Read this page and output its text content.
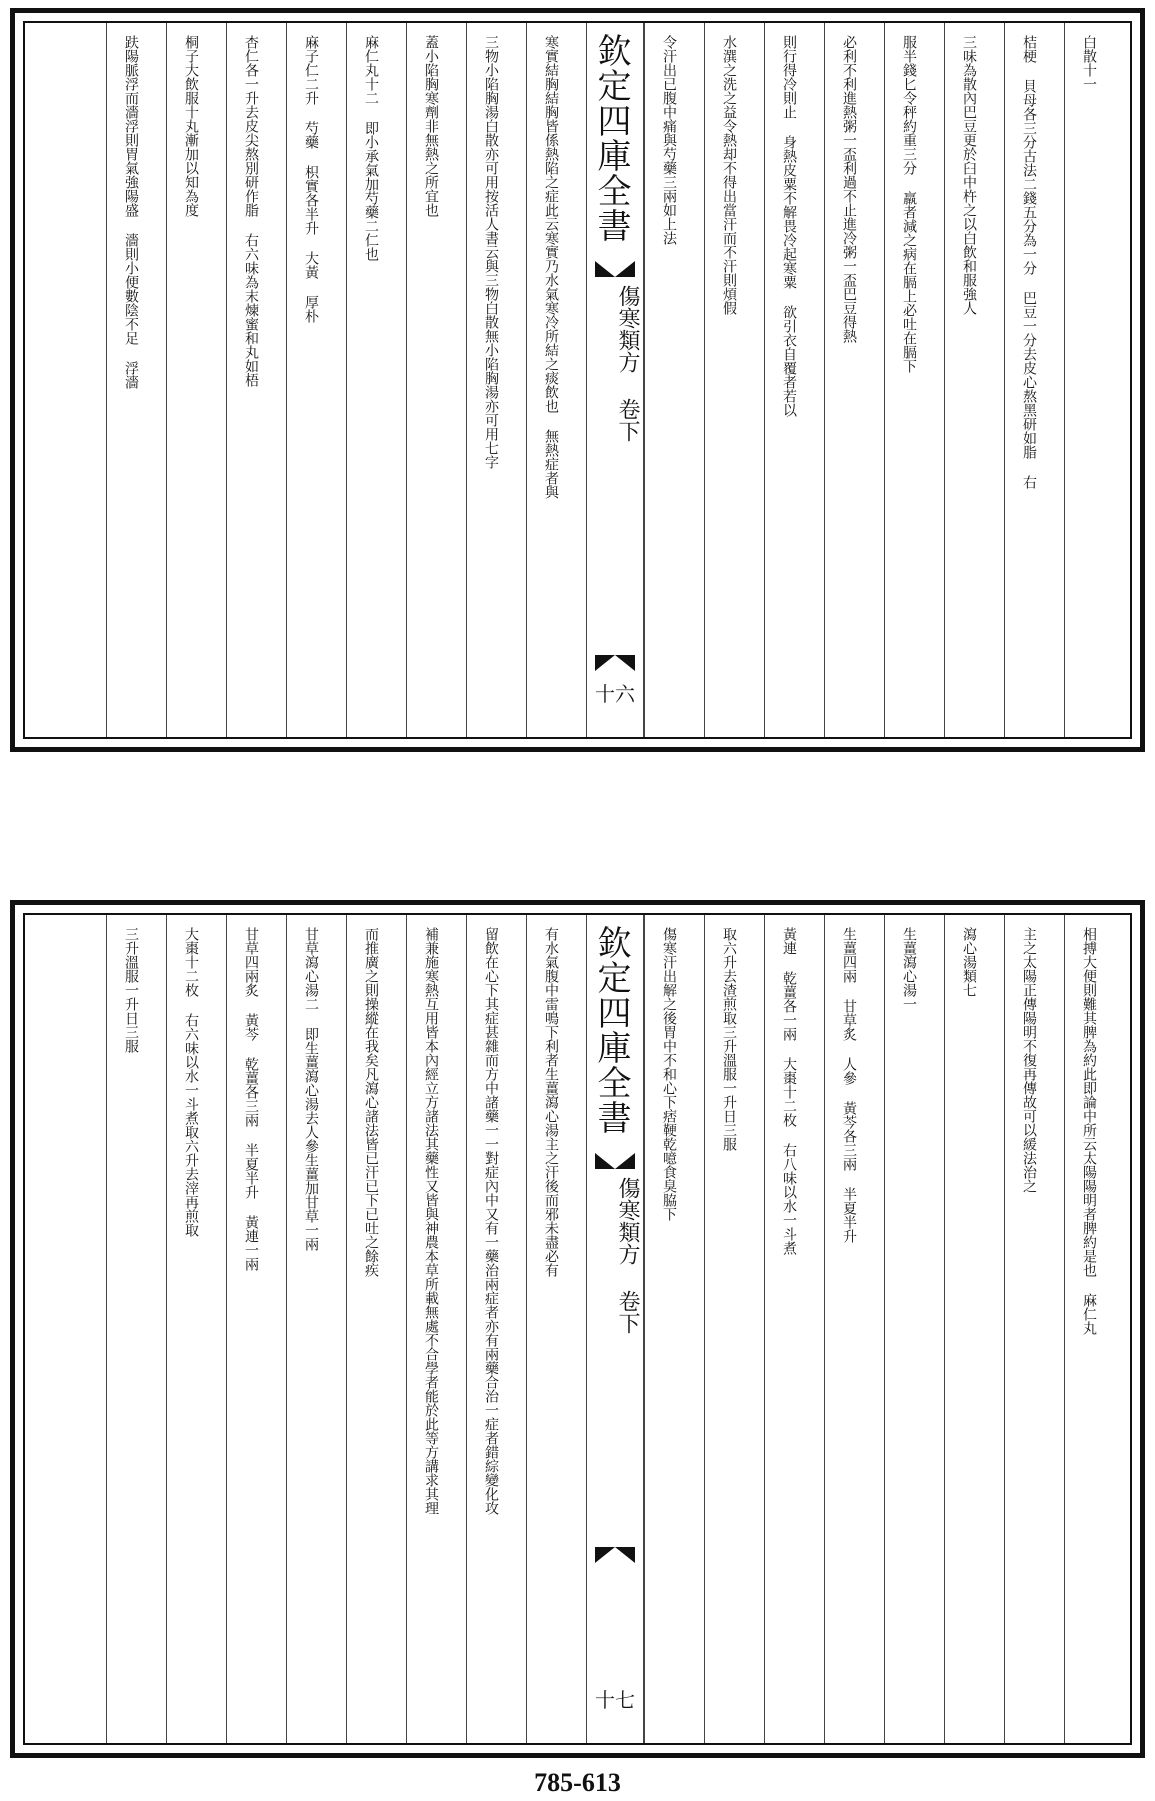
白散十一
桔梗 貝母各三分古法二錢五分為一分 巴豆一分去皮心熬黑研如脂 右
三味為散內巴豆更於臼中杵之以白飲和服強人
服半錢匕令秤約重三分 羸者減之病在膈上必吐在膈下
必利不利進熱粥一盃利過不止進冷粥一盃巴豆得熱
則行得冷則止 身熱皮粟不解畏冷起寒粟 欲引衣自覆者若以
水潠之洗之益令熱却不得出當汗而不汗則煩假
令汗出已腹中痛與芍藥三兩如上法
欽定四庫全書
傷寒類方 卷下
十六
寒實結胸結胸皆係熱陷之症此云寒實乃水氣寒冷所結之痰飲也 無熱症者與
三物小陷胸湯白散亦可用按活人書云與三物白散無小陷胸湯亦可用七字
蓋小陷胸寒劑非無熱之所宜也
麻仁丸十二 即小承氣加芍藥二仁也
麻子仁二升 芍藥 枳實各半升 大黃 厚朴
杏仁各一升去皮尖熬別研作脂 右六味為末煉蜜和丸如梧
桐子大飲服十丸漸加以知為度
趺陽脈浮而濇浮則胃氣強陽盛 濇則小便數陰不足 浮濇
相搏大便則難其脾為約此即論中所云太陽陽明者脾約是也 麻仁丸
主之太陽正傳陽明不復再傳故可以緩法治之
瀉心湯類七
生薑瀉心湯一
生薑四兩 甘草炙 人參 黃芩各三兩 半夏半升
黃連 乾薑各一兩 大棗十二枚 右八味以水一斗煮
取六升去渣煎取三升溫服一升日三服
傷寒汗出解之後胃中不和心下痞鞕乾噫食臭脇下
欽定四庫全書
傷寒類方 卷下
十七
有水氣腹中雷鳴下利者生薑瀉心湯主之汗後而邪未盡必有
留飲在心下其症甚雜而方中諸藥一一對症內中又有一藥治兩症者亦有兩藥合治一症者錯綜變化攻
補兼施寒熱互用皆本內經立方諸法其藥性又皆與神農本草所載無處不合學者能於此等方講求其理
而推廣之則操縱在我矣凡瀉心諸法皆已汗已下已吐之餘疾
甘草瀉心湯二 即生薑瀉心湯去人參生薑加甘草一兩
甘草四兩炙 黃芩 乾薑各三兩 半夏半升 黃連一兩
大棗十二枚 右六味以水一斗煮取六升去滓再煎取
三升溫服一升日三服
785-613
